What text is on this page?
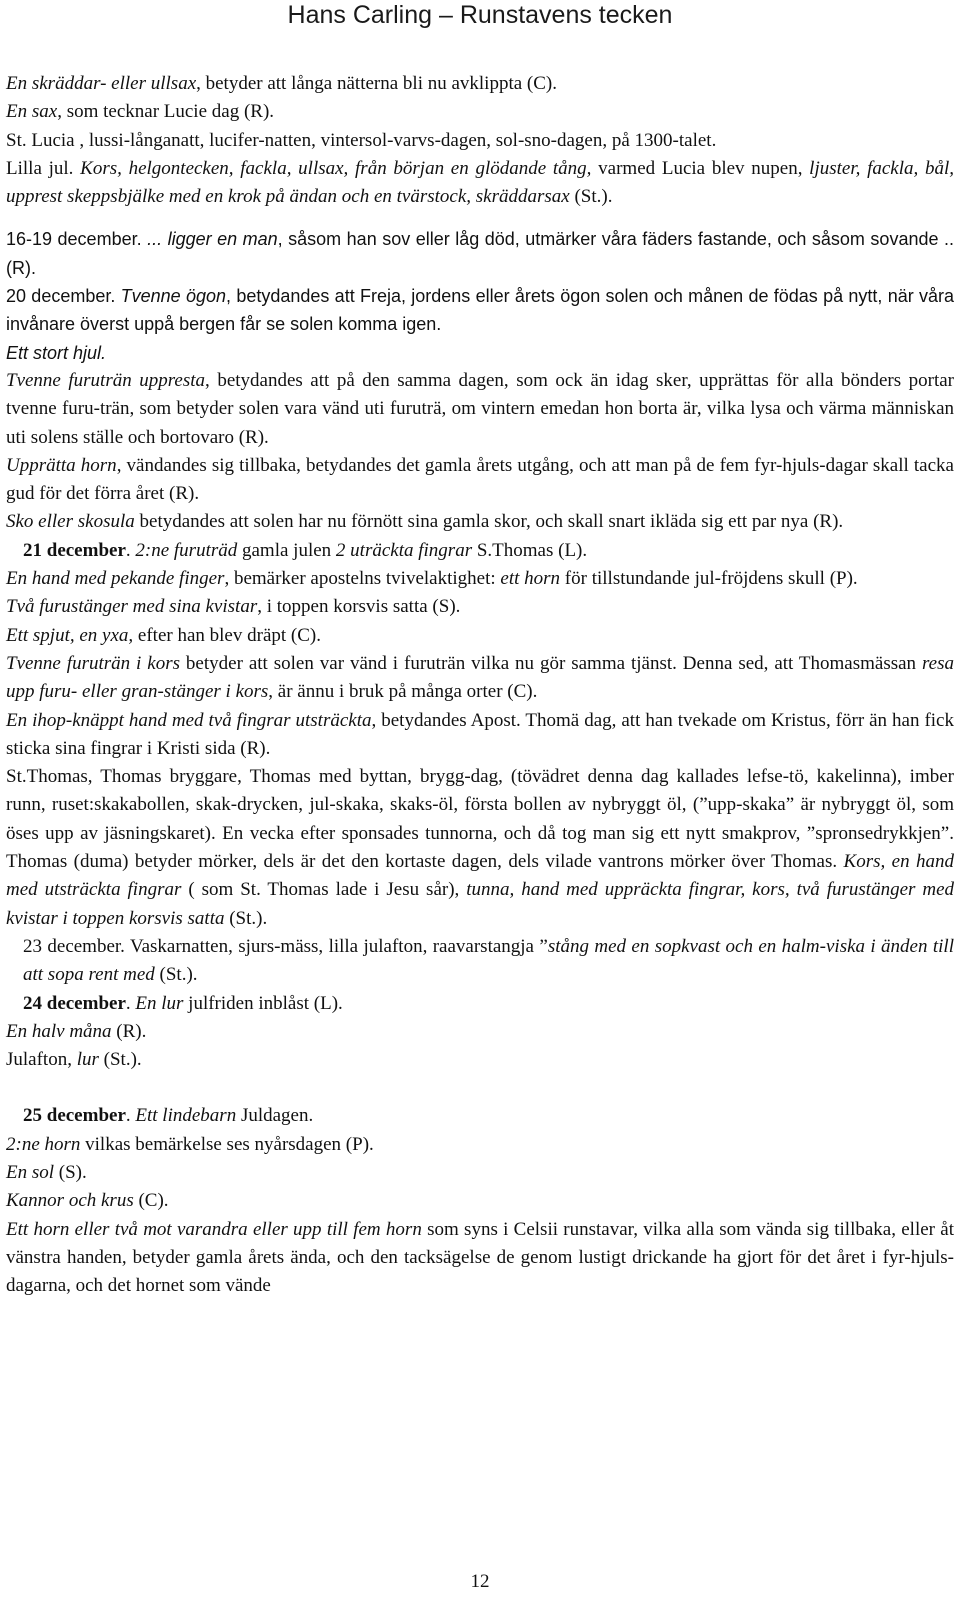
Hans Carling – Runstavens tecken

En skräddar- eller ullsax, betyder att långa nätterna bli nu avklippta (C).

En sax, som tecknar Lucie dag (R).

St. Lucia , lussi-långanatt, lucifer-natten, vintersol-varvs-dagen, sol-sno-dagen, på 1300-talet.

Lilla jul. Kors, helgontecken, fackla, ullsax, från början en glödande tång, varmed Lucia blev nupen, ljuster, fackla, bål, upprest skeppsbjälke med en krok på ändan och en tvärstock, skräddarsax (St.).

16-19 december. ... ligger en man, såsom han sov eller låg död, utmärker våra fäders fastande, och såsom sovande .. (R).

20 december. Tvenne ögon, betydandes att Freja, jordens eller årets ögon solen och månen de födas på nytt, när våra invånare överst uppå bergen får se solen komma igen.

Ett stort hjul.

Tvenne furuträn uppresta, betydandes att på den samma dagen, som ock än idag sker, upprättas för alla bönders portar tvenne furu-trän, som betyder solen vara vänd uti furuträ, om vintern emedan hon borta är, vilka lysa och värma människan uti solens ställe och bortovaro (R).

Upprätta horn, vändandes sig tillbaka, betydandes det gamla årets utgång, och att man på de fem fyr-hjuls-dagar skall tacka gud för det förra året (R).

Sko eller skosula betydandes att solen har nu förnött sina gamla skor, och skall snart ikläda sig ett par nya (R).

21 december. 2:ne furuträd gamla julen 2 uträckta fingrar S.Thomas (L).

En hand med pekande finger, bemärker apostelns tvivelaktighet: ett horn för tillstundande jul-fröjdens skull (P).

Två furustänger med sina kvistar, i toppen korsvis satta (S).

Ett spjut, en yxa, efter han blev dräpt (C).

Tvenne furuträn i kors betyder att solen var vänd i furuträn vilka nu gör samma tjänst. Denna sed, att Thomasmässan resa upp furu- eller gran-stänger i kors, är ännu i bruk på många orter (C).

En ihop-knäppt hand med två fingrar utsträckta, betydandes Apost. Thomä dag, att han tvekade om Kristus, förr än han fick sticka sina fingrar i Kristi sida (R).

St.Thomas, Thomas bryggare, Thomas med byttan, brygg-dag, (tövädret denna dag kallades lefse-tö, kakelinna), imber runn, ruset:skakabollen, skak-drycken, jul-skaka, skaks-öl, första bollen av nybryggt öl, (”upp-skaka” är nybryggt öl, som öses upp av jäsningskaret). En vecka efter sponsades tunnorna, och då tog man sig ett nytt smakprov, ”spronsedrykkjen”. Thomas (duma) betyder mörker, dels är det den kortaste dagen, dels vilade vantrons mörker över Thomas. Kors, en hand med utsträckta fingrar ( som St. Thomas lade i Jesu sår), tunna, hand med uppräckta fingrar, kors, två furustänger med kvistar i toppen korsvis satta (St.).

23 december. Vaskarnatten, sjurs-mäss, lilla julafton, raavarstangja ”stång med en sopkvast och en halm-viska i änden till att sopa rent med (St.).

24 december. En lur julfriden inblåst (L).

En halv måna (R).

Julafton, lur (St.).

25 december. Ett lindebarn Juldagen.

2:ne horn vilkas bemärkelse ses nyårsdagen (P).

En sol (S).

Kannor och krus (C).

Ett horn eller två mot varandra eller upp till fem horn som syns i Celsii runstavar, vilka alla som vända sig tillbaka, eller åt vänstra handen, betyder gamla årets ända, och den tacksägelse de genom lustigt drickande ha gjort för det året i fyr-hjuls-dagarna, och det hornet som vände

12
